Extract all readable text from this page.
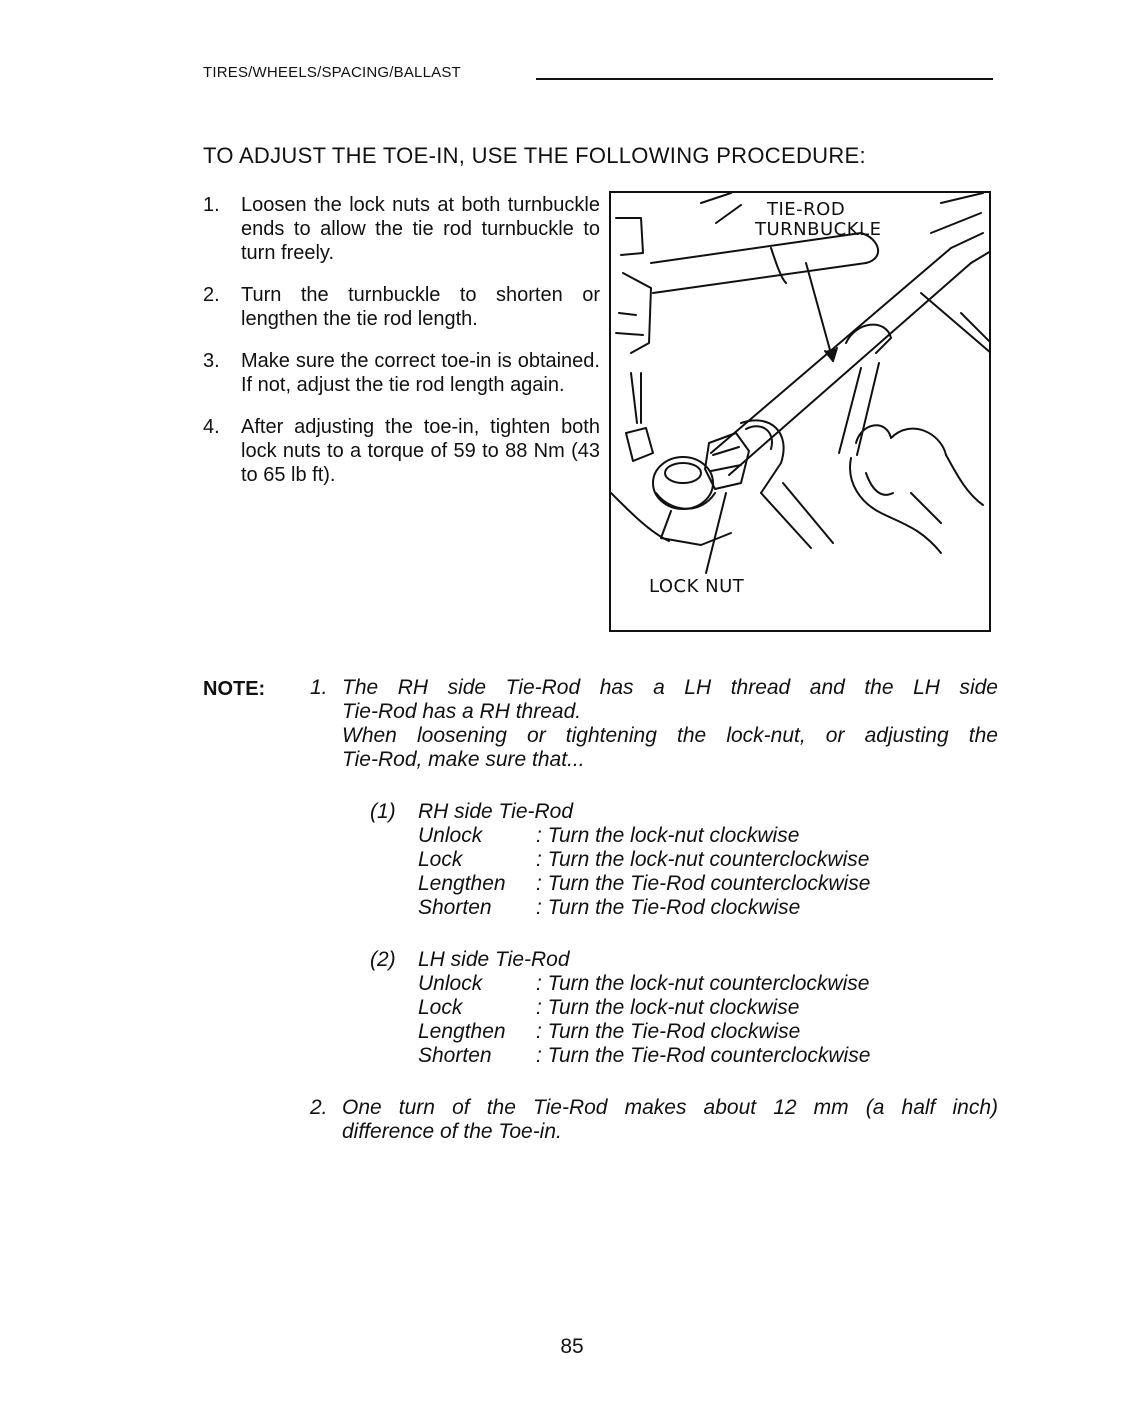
TIRES/WHEELS/SPACING/BALLAST
TO ADJUST THE TOE-IN, USE THE FOLLOWING PROCEDURE:
1.	Loosen the lock nuts at both turnbuckle ends to allow the tie rod turnbuckle to turn freely.
2.	Turn the turnbuckle to shorten or lengthen the tie rod length.
3.	Make sure the correct toe-in is obtained. If not, adjust the tie rod length again.
4.	After adjusting the toe-in, tighten both lock nuts to a torque of 59 to 88 Nm (43 to 65 lb ft).
TIE-ROD
TURNBUCKLE
LOCK NUT
NOTE: 1. The RH side Tie-Rod has a LH thread and the LH side
Tie-Rod has a RH thread.
When loosening or tightening the lock-nut, or adjusting the
Tie-Rod, make sure that...
(1)	RH side Tie-Rod
Unlock	: Turn the lock-nut clockwise
Lock	: Turn the lock-nut counterclockwise
Lengthen	: Turn the Tie-Rod counterclockwise
Shorten	: Turn the Tie-Rod clockwise
(2)	LH side Tie-Rod
Unlock	: Turn the lock-nut counterclockwise
Lock	: Turn the lock-nut clockwise
Lengthen	: Turn the Tie-Rod clockwise
Shorten	: Turn the Tie-Rod counterclockwise
2. One turn of the Tie-Rod makes about 12 mm (a half inch)
difference of the Toe-in.
85
